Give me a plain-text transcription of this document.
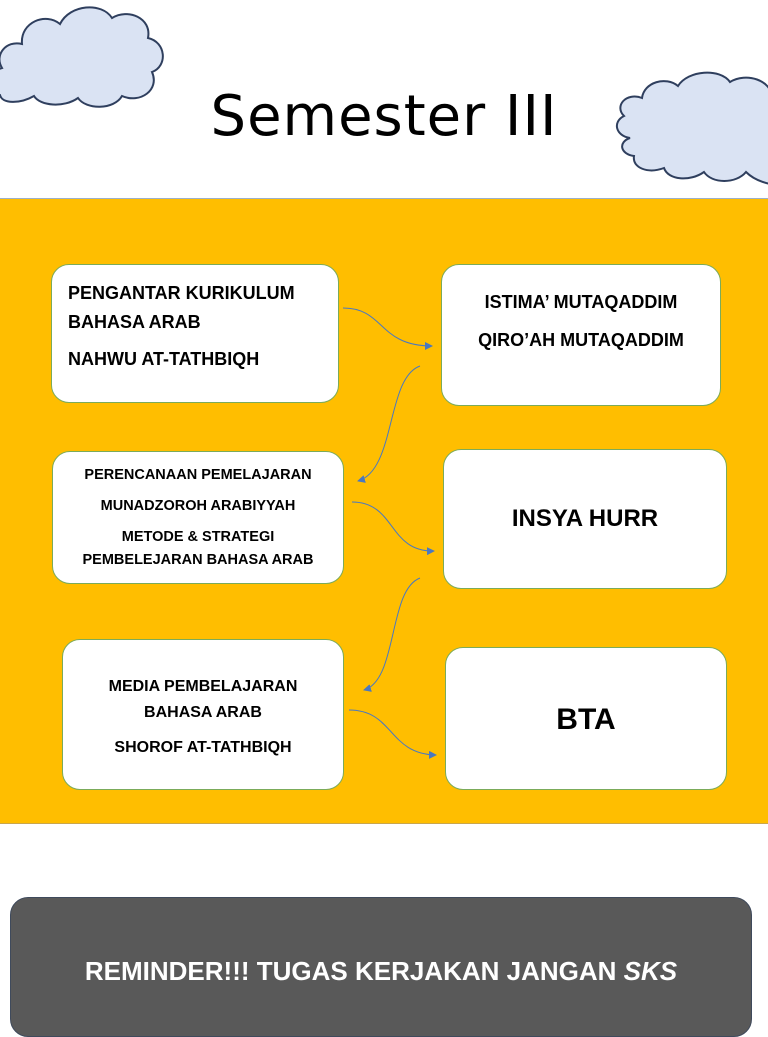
Semester III

PENGANTAR KURIKULUM

BAHASA ARAB

NAHWU AT-TATHBIQH

PERENCANAAN PEMELAJARAN

MUNADZOROH ARABIYYAH

METODE & STRATEGI

PEMBELEJARAN BAHASA ARAB

MEDIA PEMBELAJARAN

BAHASA ARAB

SHOROF AT-TATHBIQH

ISTIMA’ MUTAQADDIM

QIRO’AH MUTAQADDIM

INSYA HURR

BTA

REMINDER!!! TUGAS KERJAKAN JANGAN SKS
